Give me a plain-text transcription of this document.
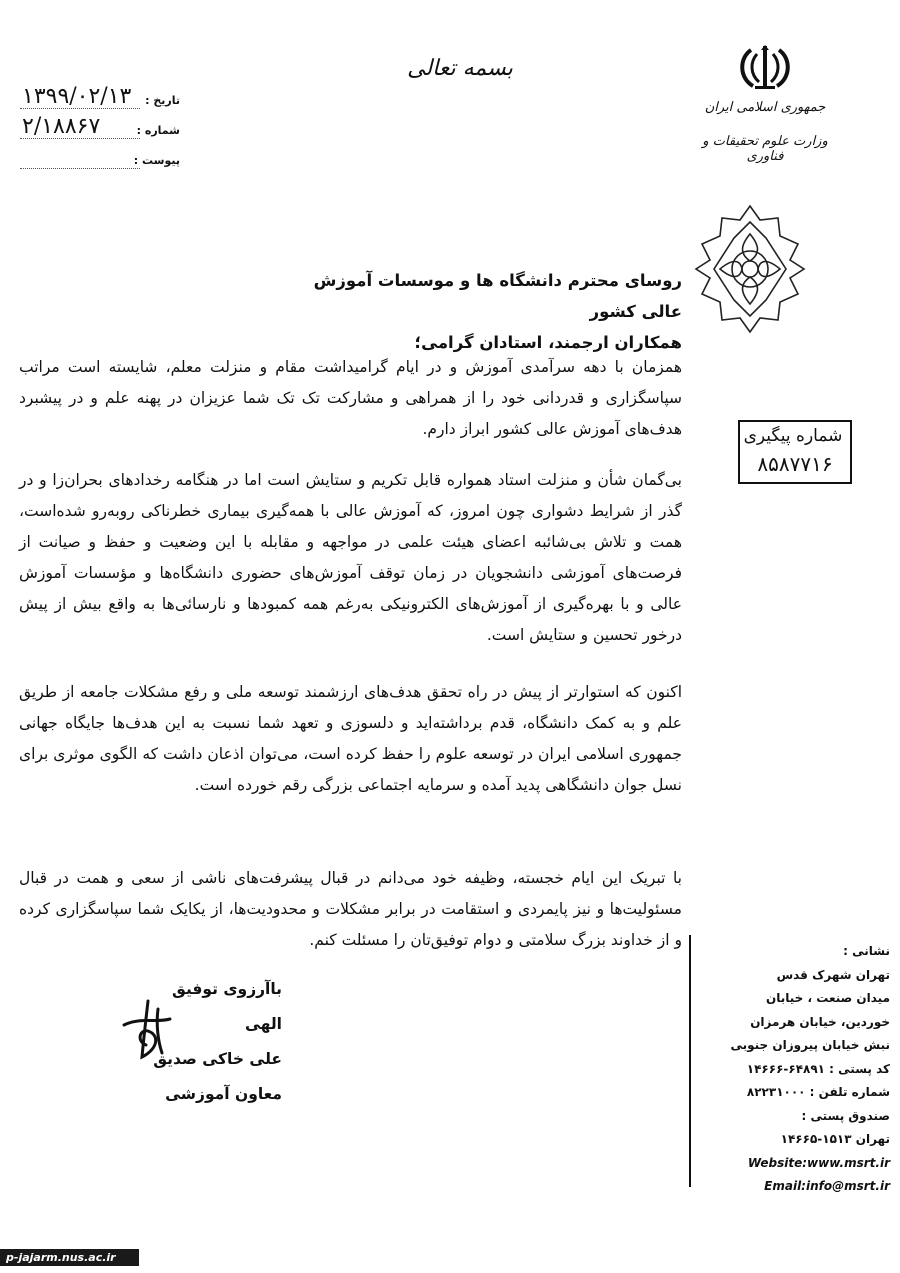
بسمه تعالی
تاریخ :
۱۳۹۹/۰۲/۱۳
شماره :
۲/۱۸۸۶۷
پیوست :
جمهوری اسلامی ایران
وزارت علوم تحقیقات و فناوری
شماره پیگیری
۸۵۸۷۷۱۶
روسای محترم دانشگاه ها و موسسات آموزش عالی کشور
همکاران ارجمند، استادان گرامی؛
همزمان با دهه سرآمدی آموزش و در ایام گرامیداشت مقام و منزلت معلم، شایسته است مراتب سپاسگزاری و قدردانی خود را از همراهی و مشارکت تک تک شما عزیزان در پهنه علم و در پیشبرد هدف‌های آموزش عالی کشور ابراز دارم.
بی‌گمان شأن و منزلت استاد همواره قابل تکریم و ستایش است اما در هنگامه رخدادهای بحران‌زا و در گذر از شرایط دشواری چون امروز، که آموزش عالی با همه‌گیری بیماری خطرناکی روبه‌رو شده‌است، همت و تلاش بی‌شائبه اعضای هیئت علمی در مواجهه و مقابله با این وضعیت و حفظ و صیانت از فرصت‌های آموزشی دانشجویان در زمان توقف آموزش‌های حضوری دانشگاه‌ها و مؤسسات آموزش عالی و با بهره‌گیری از آموزش‌های الکترونیکی به‌رغم همه کمبودها و نارسائی‌ها به واقع بیش از پیش درخور تحسین و ستایش است.
اکنون که استوارتر از پیش در راه تحقق هدف‌های ارزشمند توسعه ملی و رفع مشکلات جامعه از طریق علم و به کمک دانشگاه، قدم برداشته‌اید و دلسوزی و تعهد شما نسبت به این هدف‌ها جایگاه جهانی جمهوری اسلامی ایران در توسعه علوم را حفظ کرده است، می‌توان اذعان داشت که الگوی موثری برای نسل جوان دانشگاهی پدید آمده و سرمایه اجتماعی بزرگی رقم خورده است.
با تبریک این ایام خجسته، وظیفه خود می‌دانم در قبال پیشرفت‌های ناشی از سعی و همت در قبال مسئولیت‌ها و نیز پایمردی و استقامت در برابر مشکلات و محدودیت‌ها، از یکایک شما سپاسگزاری کرده و از خداوند بزرگ سلامتی و دوام توفیق‌تان را مسئلت کنم.
باآرزوی توفیق الهی
علی خاکی صدیق
معاون آموزشی
نشانی :
تهران شهرک قدس
میدان صنعت ، خیابان
خوردین، خیابان هرمزان
نبش خیابان پیروزان جنوبی
کد پستی : ۶۴۸۹۱-۱۴۶۶۶
شماره تلفن : ۸۲۲۳۱۰۰۰
صندوق پستی :
تهران ۱۵۱۳-۱۴۶۶۵
Website:www.msrt.ir
Email:info@msrt.ir
p-jajarm.nus.ac.ir
